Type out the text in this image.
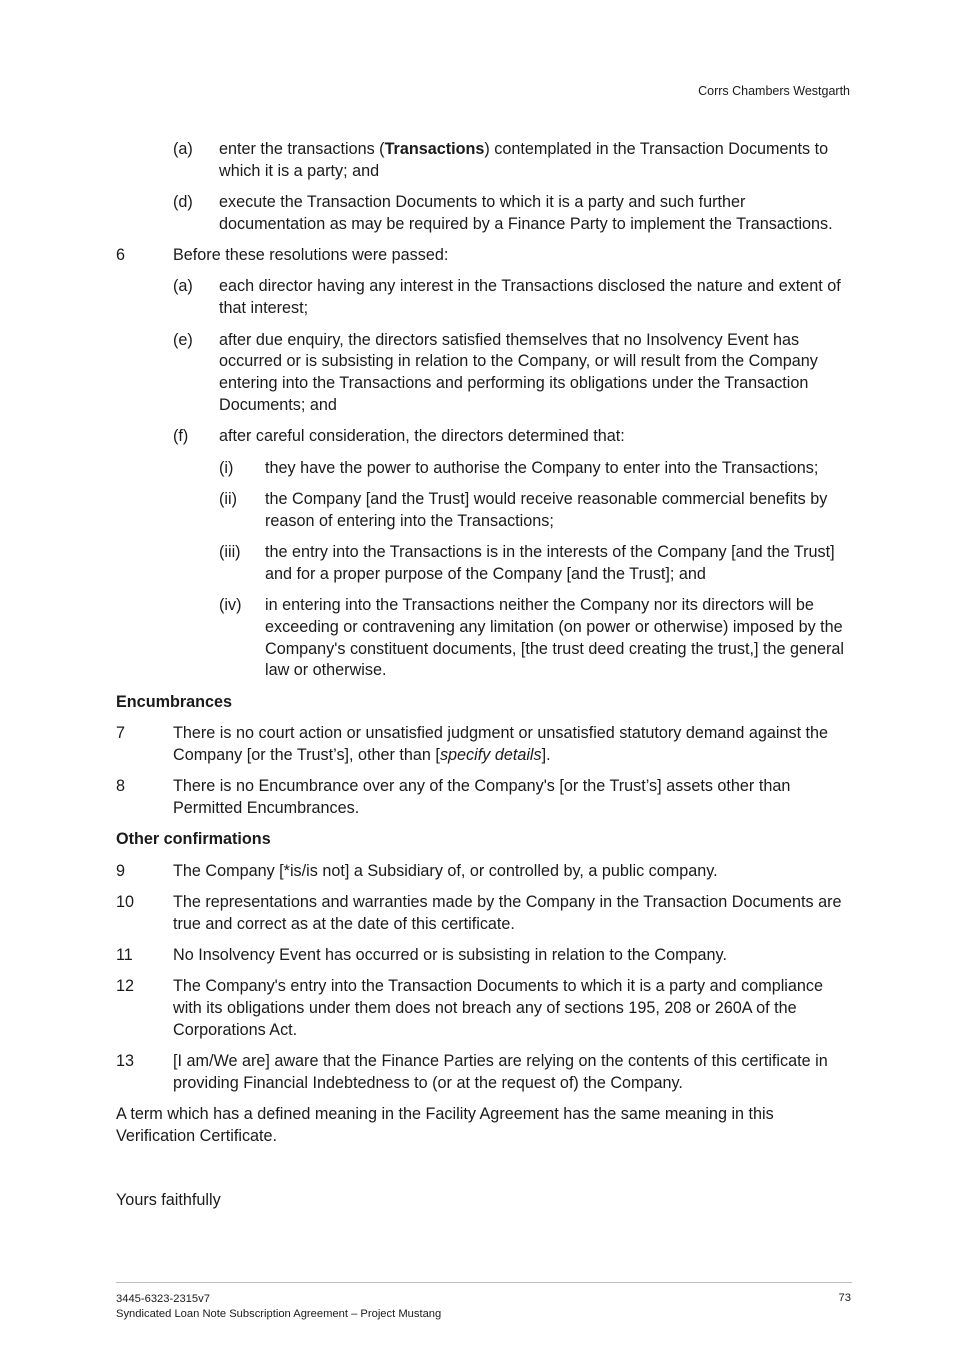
Corrs Chambers Westgarth
(a)	enter the transactions (Transactions) contemplated in the Transaction Documents to which it is a party; and
(d)	execute the Transaction Documents to which it is a party and such further documentation as may be required by a Finance Party to implement the Transactions.
6	Before these resolutions were passed:
(a)	each director having any interest in the Transactions disclosed the nature and extent of that interest;
(e)	after due enquiry, the directors satisfied themselves that no Insolvency Event has occurred or is subsisting in relation to the Company, or will result from the Company entering into the Transactions and performing its obligations under the Transaction Documents; and
(f)	after careful consideration, the directors determined that:
(i)	they have the power to authorise the Company to enter into the Transactions;
(ii)	the Company [and the Trust] would receive reasonable commercial benefits by reason of entering into the Transactions;
(iii)	the entry into the Transactions is in the interests of the Company [and the Trust] and for a proper purpose of the Company [and the Trust]; and
(iv)	in entering into the Transactions neither the Company nor its directors will be exceeding or contravening any limitation (on power or otherwise) imposed by the Company's constituent documents, [the trust deed creating the trust,] the general law or otherwise.
Encumbrances
7	There is no court action or unsatisfied judgment or unsatisfied statutory demand against the Company [or the Trust’s], other than [specify details].
8	There is no Encumbrance over any of the Company's [or the Trust’s] assets other than Permitted Encumbrances.
Other confirmations
9	The Company [*is/is not] a Subsidiary of, or controlled by, a public company.
10	The representations and warranties made by the Company in the Transaction Documents are true and correct as at the date of this certificate.
11	No Insolvency Event has occurred or is subsisting in relation to the Company.
12	The Company's entry into the Transaction Documents to which it is a party and compliance with its obligations under them does not breach any of sections 195, 208 or 260A of the Corporations Act.
13	[I am/We are] aware that the Finance Parties are relying on the contents of this certificate in providing Financial Indebtedness to (or at the request of) the Company.
A term which has a defined meaning in the Facility Agreement has the same meaning in this Verification Certificate.
Yours faithfully
3445-6323-2315v7
Syndicated Loan Note Subscription Agreement – Project Mustang
73
